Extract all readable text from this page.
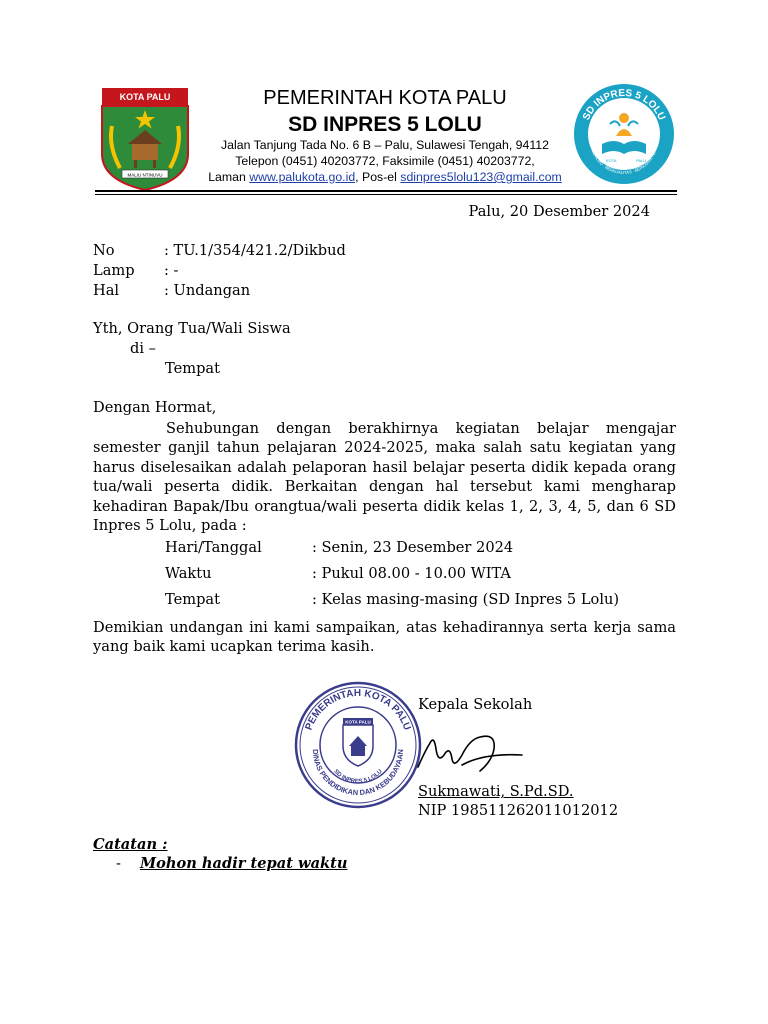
KOTA PALU
MALIU NTINUVU
PEMERINTAH KOTA PALU
SD INPRES 5 LOLU
Jalan Tanjung Tada No. 6 B – Palu, Sulawesi Tengah, 94112
Telepon (0451) 40203772, Faksimile (0451) 40203772,
Laman www.palukota.go.id, Pos-el sdinpres5lolu123@gmail.com
SD INPRES 5 LOLU
BERILMU · BERKUALITAS · BERKARAKTER
KOTA	PALU
Palu, 20 Desember 2024
No	: TU.1/354/421.2/Dikbud
Lamp : -
Hal	: Undangan
Yth, Orang Tua/Wali Siswa
di –
Tempat
Dengan Hormat,
Sehubungan dengan berakhirnya kegiatan belajar mengajar semester ganjil tahun pelajaran 2024-2025, maka salah satu kegiatan yang harus diselesaikan adalah pelaporan hasil belajar peserta didik kepada orang tua/wali peserta didik. Berkaitan dengan hal tersebut kami mengharap kehadiran Bapak/Ibu orangtua/wali peserta didik kelas 1, 2, 3, 4, 5, dan 6 SD Inpres 5 Lolu, pada :
Hari/Tanggal	: Senin, 23 Desember 2024
Waktu	: Pukul 08.00 - 10.00 WITA
Tempat	: Kelas masing-masing (SD Inpres 5 Lolu)
Demikian undangan ini kami sampaikan, atas kehadirannya serta kerja sama yang baik kami ucapkan terima kasih.
PEMERINTAH KOTA PALU
DINAS PENDIDIKAN DAN KEBUDAYAAN
SD INPRES 5 LOLU
KOTA PALU
Kepala Sekolah
Sukmawati, S.Pd.SD.
NIP 198511262011012012
Catatan :
- Mohon hadir tepat waktu
